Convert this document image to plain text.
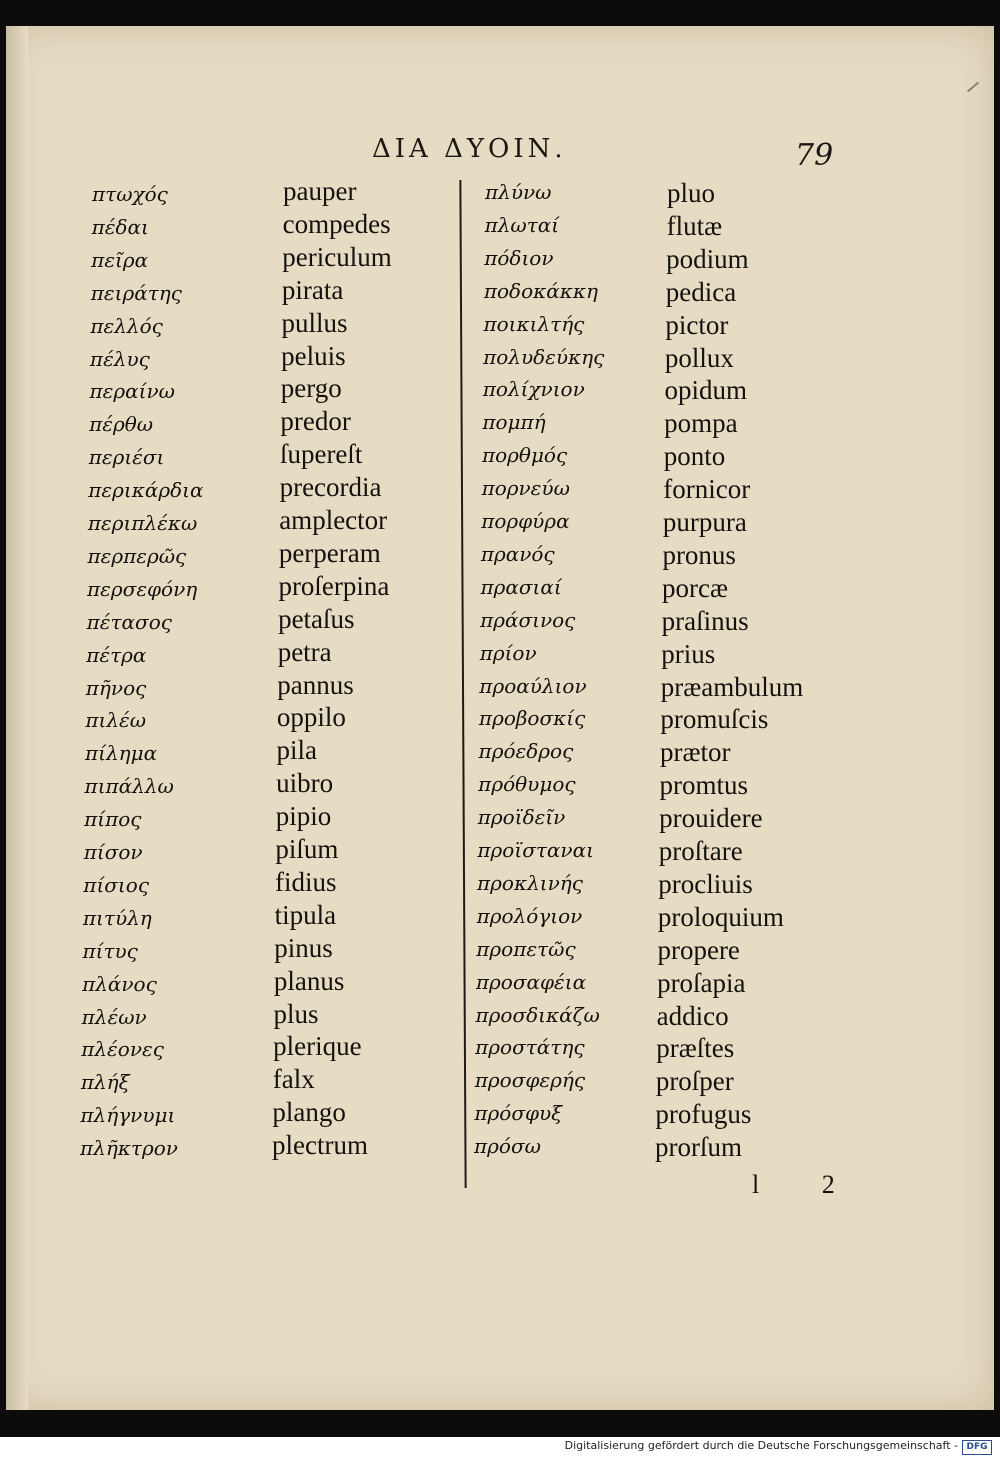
ΔΙΑ ΔΥΟΙΝ.	79
πτωχός
πέδαι
πεῖρα
πειράτης
πελλός
πέλυς
περαίνω
πέρθω
περιέσι
περικάρδια
περιπλέκω
περπερῶς
περσεφόνη
πέτασος
πέτρα
πῆνος
πιλέω
πίλημα
πιπάλλω
πίπος
πίσον
πίσιος
πιτύλη
πίτυς
πλάνος
πλέων
πλέονες
πλήξ
πλήγνυμι
πλῆκτρον
pauper
compedes
periculum
pirata
pullus
peluis
pergo
predor
ſupereſt
precordia
amplector
perperam
proſerpina
petaſus
petra
pannus
oppilo
pila
uibro
pipio
piſum
fidius
tipula
pinus
planus
plus
plerique
falx
plango
plectrum
πλύνω
πλωταί
πόδιον
ποδοκάκκη
ποικιλτής
πολυδεύκης
πολίχνιον
πομπή
πορθμός
πορνεύω
πορφύρα
πρανός
πρασιαί
πράσινος
πρίον
προαύλιον
προβοσκίς
πρόεδρος
πρόθυμος
προϊδεῖν
προϊσταναι
προκλινής
προλόγιον
προπετῶς
προσαφέια
προσδικάζω
προστάτης
προσφερής
πρόσφυξ
πρόσω
pluo
flutæ
podium
pedica
pictor
pollux
opidum
pompa
ponto
fornicor
purpura
pronus
porcæ
praſinus
prius
præambulum
promuſcis
prætor
promtus
prouidere
proſtare
procliuis
proloquium
propere
proſapia
addico
præſtes
proſper
profugus
prorſum
l 2
Digitalisierung gefördert durch die Deutsche Forschungsgemeinschaft - DFG
